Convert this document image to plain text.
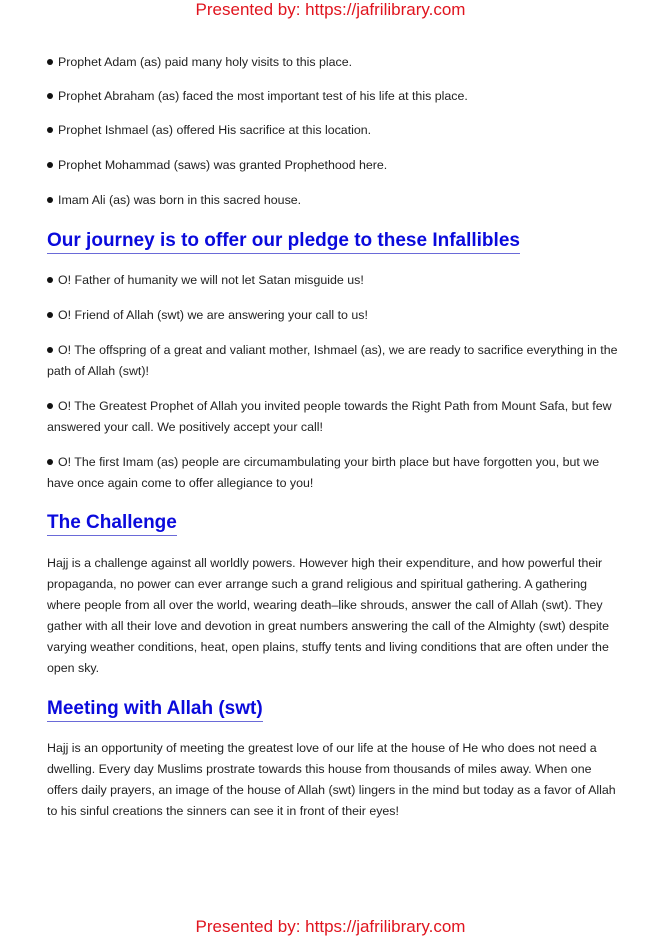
Presented by: https://jafrilibrary.com
Prophet Adam (as) paid many holy visits to this place.
Prophet Abraham (as) faced the most important test of his life at this place.
Prophet Ishmael (as) offered His sacrifice at this location.
Prophet Mohammad (saws) was granted Prophethood here.
Imam Ali (as) was born in this sacred house.
Our journey is to offer our pledge to these Infallibles
O! Father of humanity we will not let Satan misguide us!
O! Friend of Allah (swt) we are answering your call to us!
O! The offspring of a great and valiant mother, Ishmael (as), we are ready to sacrifice everything in the path of Allah (swt)!
O! The Greatest Prophet of Allah you invited people towards the Right Path from Mount Safa, but few answered your call. We positively accept your call!
O! The first Imam (as) people are circumambulating your birth place but have forgotten you, but we have once again come to offer allegiance to you!
The Challenge
Hajj is a challenge against all worldly powers. However high their expenditure, and how powerful their propaganda, no power can ever arrange such a grand religious and spiritual gathering. A gathering where people from all over the world, wearing death–like shrouds, answer the call of Allah (swt). They gather with all their love and devotion in great numbers answering the call of the Almighty (swt) despite varying weather conditions, heat, open plains, stuffy tents and living conditions that are often under the open sky.
Meeting with Allah (swt)
Hajj is an opportunity of meeting the greatest love of our life at the house of He who does not need a dwelling. Every day Muslims prostrate towards this house from thousands of miles away. When one offers daily prayers, an image of the house of Allah (swt) lingers in the mind but today as a favor of Allah to his sinful creations the sinners can see it in front of their eyes!
Presented by: https://jafrilibrary.com
